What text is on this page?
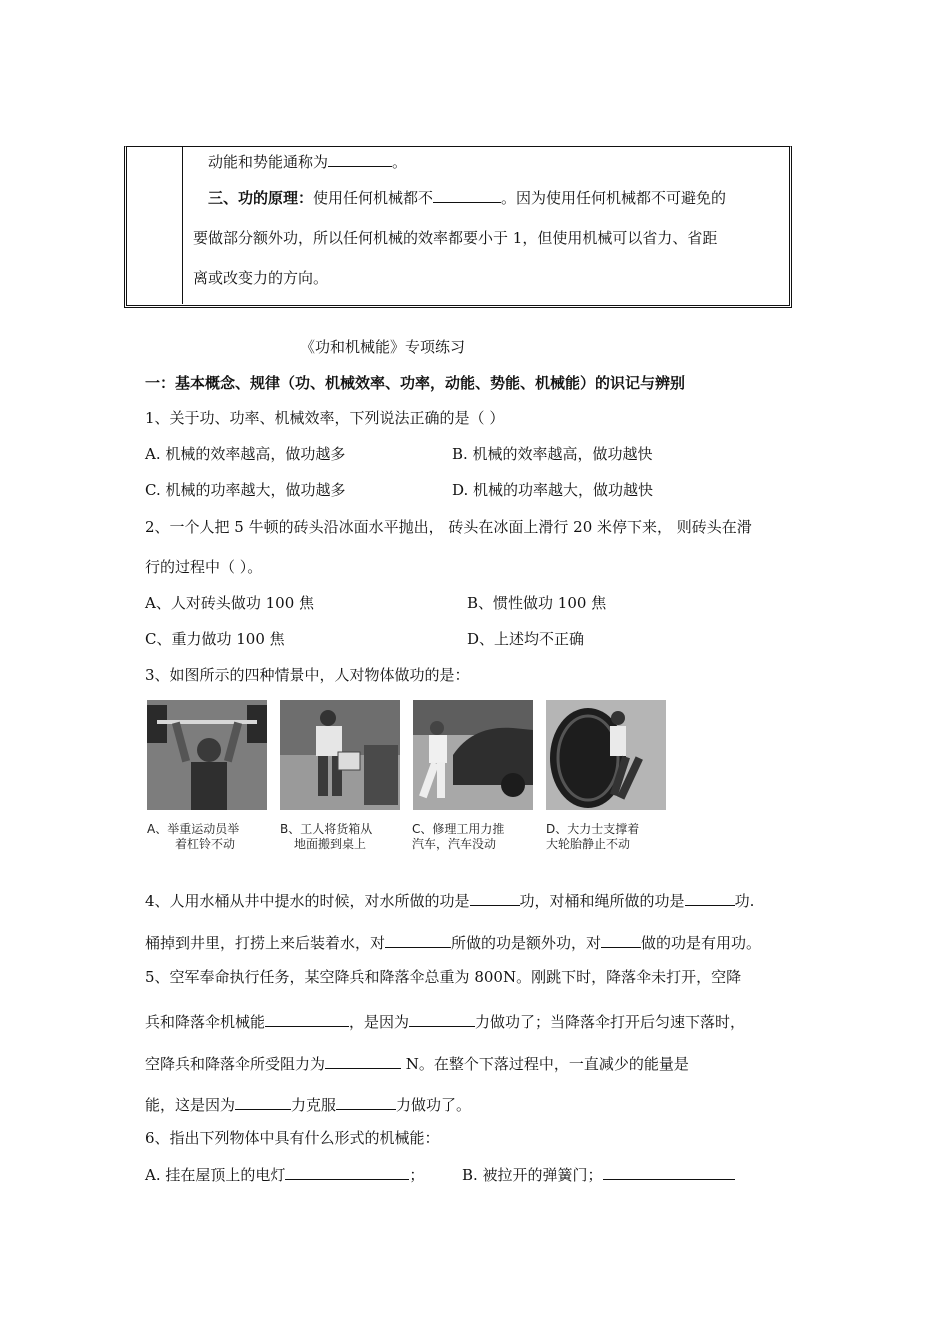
动能和势能通称为	。
三、功的原理：使用任何机械都不	。因为使用任何机械都不可避免的
要做部分额外功，所以任何机械的效率都要小于 1，但使用机械可以省力、省距
离或改变力的方向。
《功和机械能》专项练习
一：基本概念、规律（功、机械效率、功率，动能、势能、机械能）的识记与辨别
1、关于功、功率、机械效率，下列说法正确的是（ ）
A. 机械的效率越高，做功越多	B. 机械的效率越高，做功越快
C. 机械的功率越大，做功越多	D. 机械的功率越大，做功越快
2、一个人把 5 牛顿的砖头沿冰面水平抛出， 砖头在冰面上滑行 20 米停下来， 则砖头在滑
行的过程中（ ）。
A、人对砖头做功 100 焦	B、惯性做功 100 焦
C、重力做功 100 焦	D、上述均不正确
3、如图所示的四种情景中，人对物体做功的是：
A、举重运动员举
着杠铃不动
B、工人将货箱从
地面搬到桌上
C、修理工用力推
汽车，汽车没动
D、大力士支撑着
大轮胎静止不动
4、人用水桶从井中提水的时候，对水所做的功是	功，对桶和绳所做的功是	功.
桶掉到井里，打捞上来后装着水，对	所做的功是额外功，对	做的功是有用功。
5、空军奉命执行任务，某空降兵和降落伞总重为 800N。刚跳下时，降落伞未打开，空降
兵和降落伞机械能	，是因为	力做功了；当降落伞打开后匀速下落时，
空降兵和降落伞所受阻力为	N。在整个下落过程中，一直减少的能量是
能，这是因为	力克服	力做功了。
6、指出下列物体中具有什么形式的机械能：
A. 挂在屋顶上的电灯	；	B. 被拉开的弹簧门；
